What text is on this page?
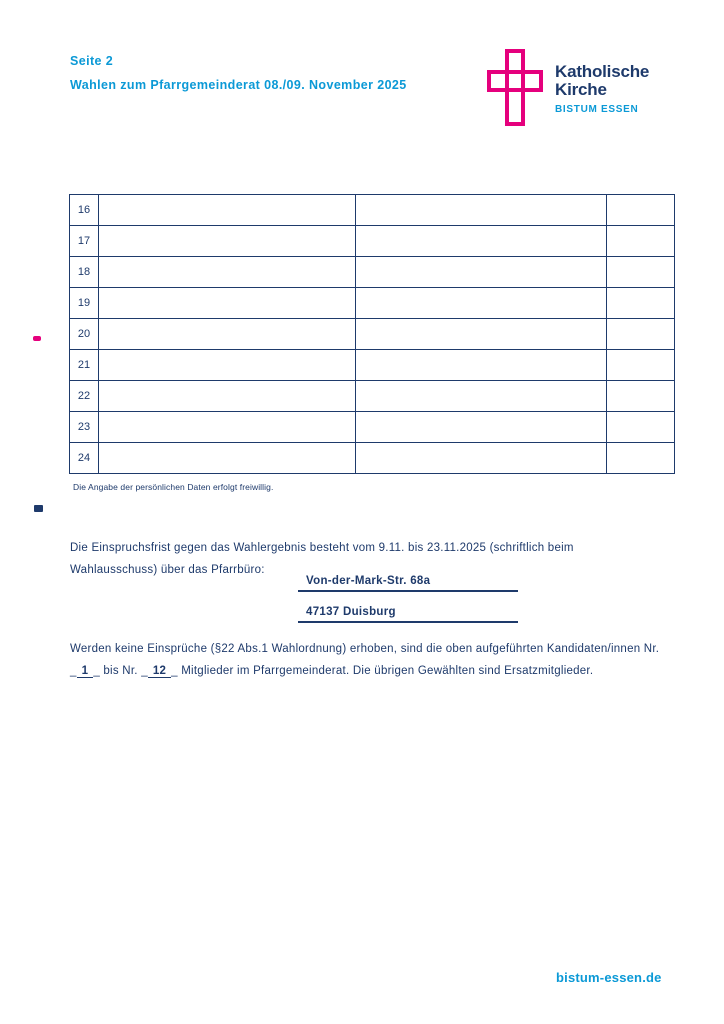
Seite 2
Wahlen zum Pfarrgemeinderat 08./09. November 2025
Katholische
Kirche
BISTUM ESSEN
16			
17			
18			
19			
20			
21			
22			
23			
24			
Die Angabe der persönlichen Daten erfolgt freiwillig.
Die Einspruchsfrist gegen das Wahlergebnis besteht vom 9.11. bis 23.11.2025 (schriftlich beim Wahlausschuss) über das Pfarrbüro:
Von-der-Mark-Str. 68a
47137 Duisburg
Werden keine Einsprüche (§22 Abs.1 Wahlordnung) erhoben, sind die oben aufgeführten Kandidaten/innen Nr. _ 1 _ bis Nr. _ 12 _ Mitglieder im Pfarrgemeinderat. Die übrigen Gewählten sind Ersatzmitglieder.
bistum-essen.de
